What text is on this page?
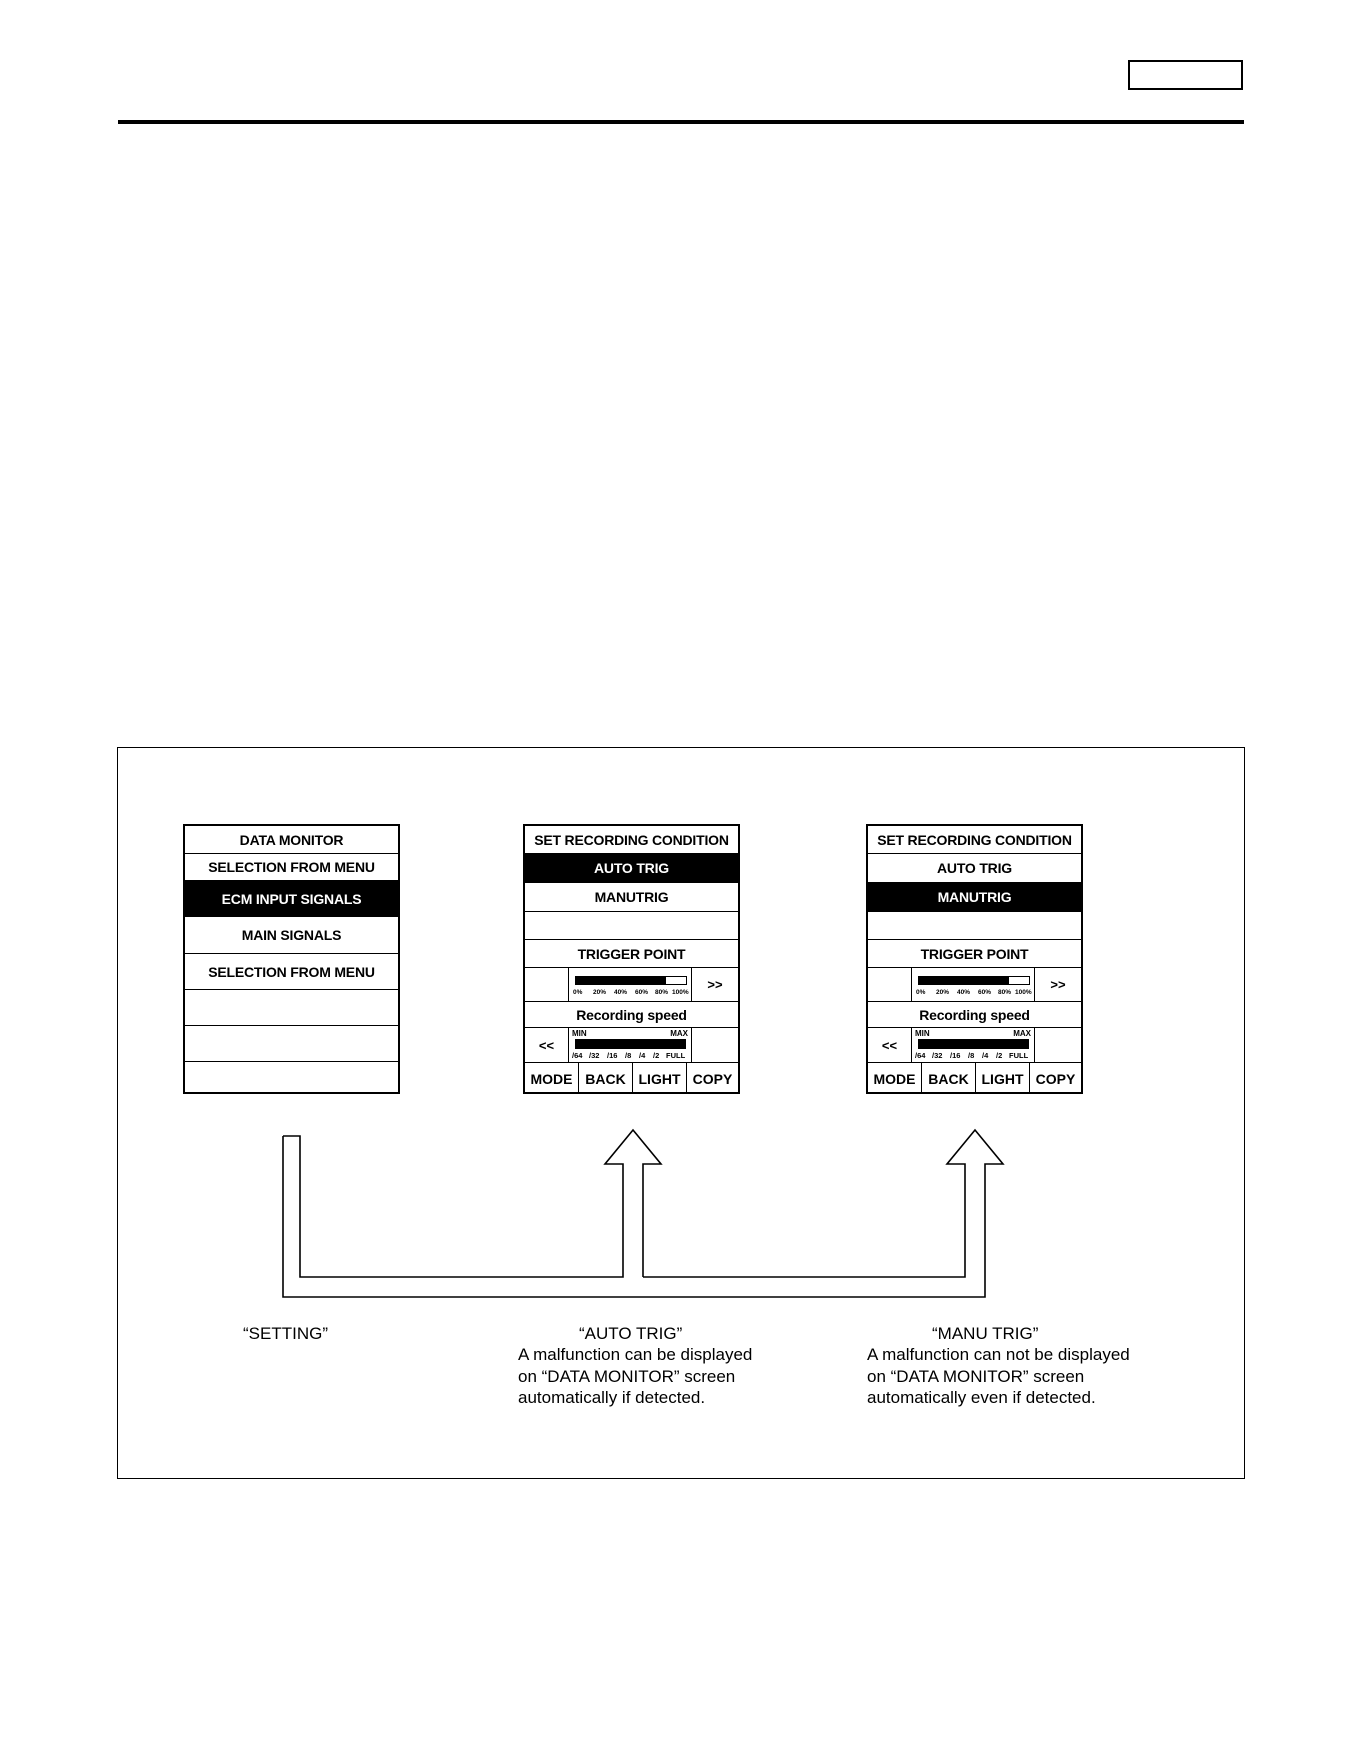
DATA MONITOR
SELECTION FROM MENU
ECM INPUT SIGNALS
MAIN SIGNALS
SELECTION FROM MENU
SET RECORDING CONDITION
AUTO TRIG
MANUTRIG
TRIGGER POINT
0% 20% 40% 60% 80% 100%
>>
Recording speed
<<
MIN	MAX
/64 /32 /16 /8 /4 /2 FULL
MODE BACK LIGHT COPY
SET RECORDING CONDITION
AUTO TRIG
MANUTRIG
TRIGGER POINT
0% 20% 40% 60% 80% 100%
>>
Recording speed
<<
MIN	MAX
/64 /32 /16 /8 /4 /2 FULL
MODE BACK LIGHT COPY
“SETTING”	“AUTO TRIG”
A malfunction can be displayed
on “DATA MONITOR” screen
automatically if detected.
“MANU TRIG”
A malfunction can not be displayed
on “DATA MONITOR” screen
automatically even if detected.
